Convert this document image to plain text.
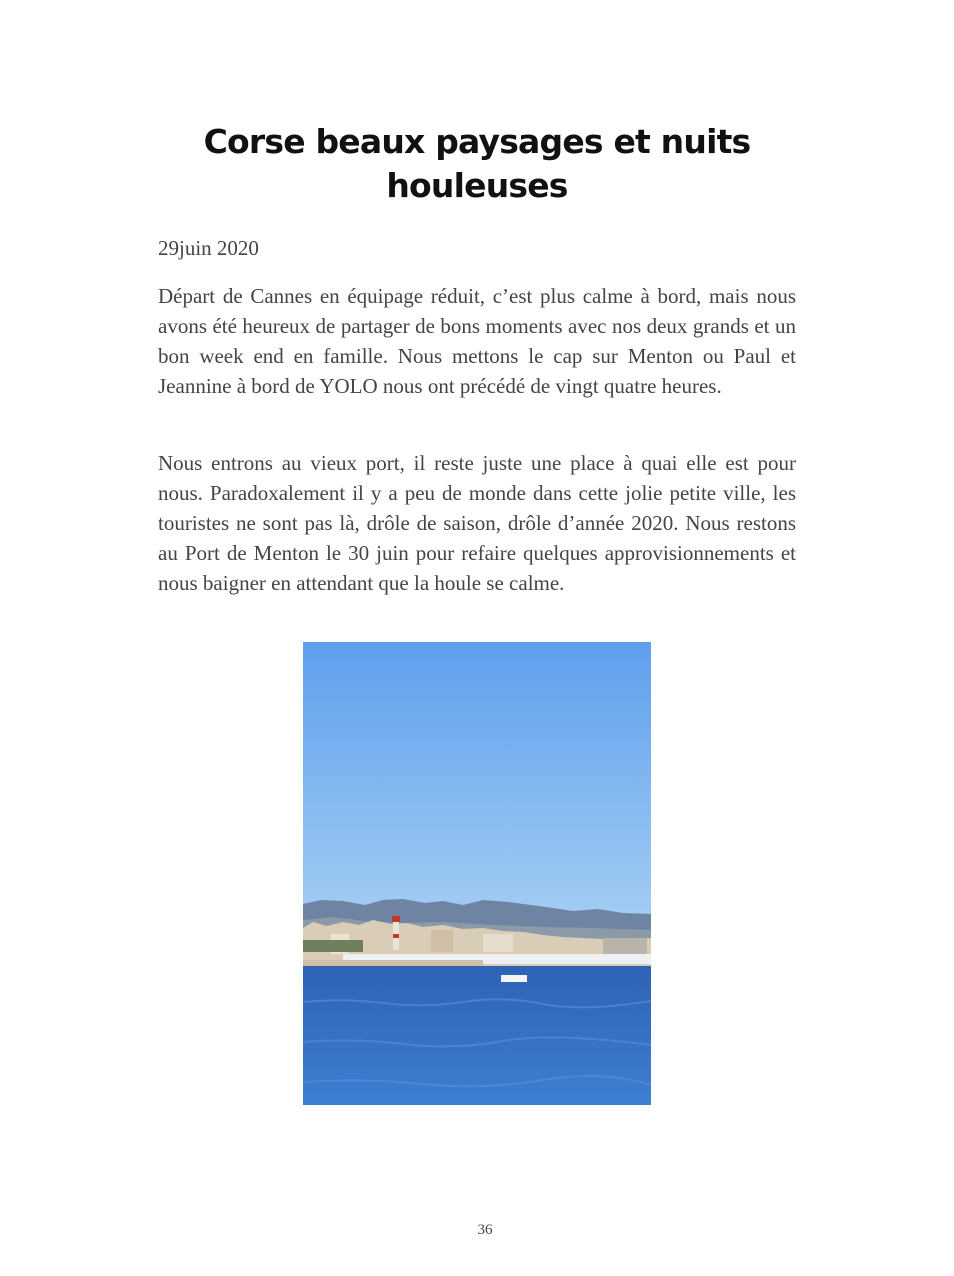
Corse beaux paysages et nuits houleuses

29juin 2020

Départ de Cannes en équipage réduit, c’est plus calme à bord, mais nous avons été heureux de partager de bons moments avec nos deux grands et un bon week end en famille. Nous mettons le cap sur Menton ou Paul et Jeannine à bord de YOLO nous ont précédé de vingt quatre heures.

Nous entrons au vieux port, il reste juste une place à quai elle est pour nous. Paradoxalement il y a peu de monde dans cette jolie petite ville, les touristes ne sont pas là, drôle de saison, drôle d’année 2020. Nous restons au Port de Menton le 30 juin pour refaire quelques approvisionnements et nous baigner en attendant que la houle se calme.

36
